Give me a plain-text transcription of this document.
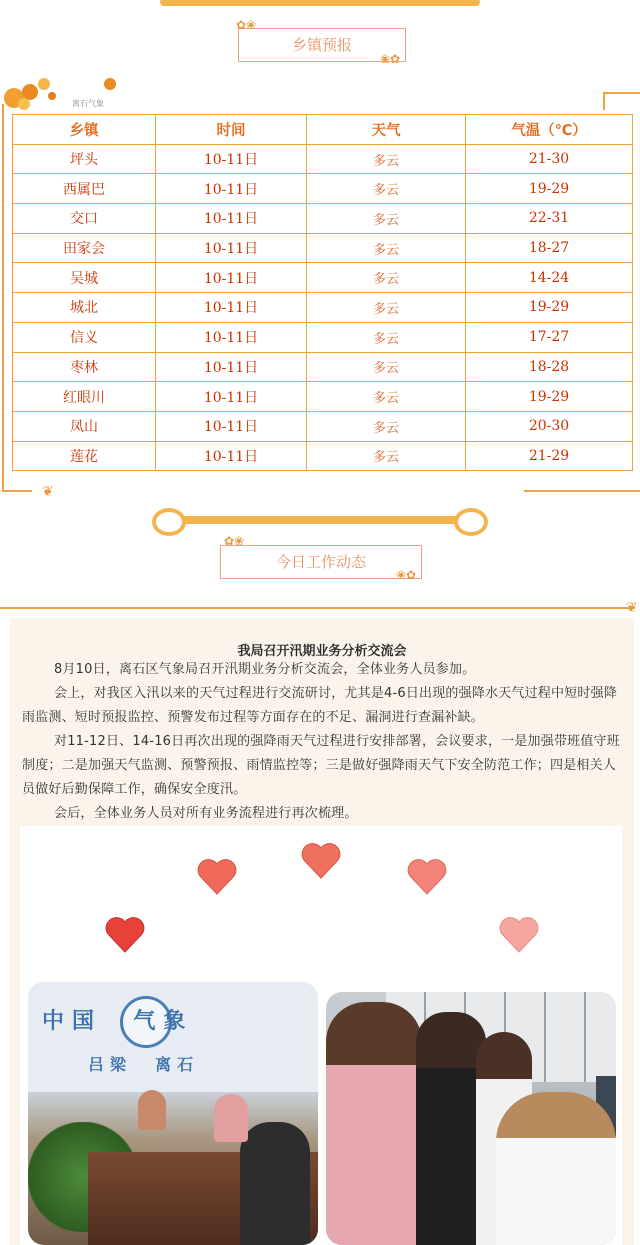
乡镇预报
✿❀
❀✿
离石气象
乡镇	时间	天气	气温（℃）
坪头	10-11日	多云	21-30
西属巴	10-11日	多云	19-29
交口	10-11日	多云	22-31
田家会	10-11日	多云	18-27
吴城	10-11日	多云	14-24
城北	10-11日	多云	19-29
信义	10-11日	多云	17-27
枣林	10-11日	多云	18-28
红眼川	10-11日	多云	19-29
凤山	10-11日	多云	20-30
莲花	10-11日	多云	21-29
❦
今日工作动态
✿❀
❀✿
❦
我局召开汛期业务分析交流会
8月10日，离石区气象局召开汛期业务分析交流会，全体业务人员参加。
会上，对我区入汛以来的天气过程进行交流研讨，尤其是4-6日出现的强降水天气过程中短时强降雨监测、短时预报监控、预警发布过程等方面存在的不足、漏洞进行查漏补缺。
对11-12日、14-16日再次出现的强降雨天气过程进行安排部署，会议要求，一是加强带班值守班制度；二是加强天气监测、预警预报、雨情监控等；三是做好强降雨天气下安全防范工作；四是相关人员做好后勤保障工作，确保安全度汛。
会后，全体业务人员对所有业务流程进行再次梳理。
中国  气象
吕梁  离石
